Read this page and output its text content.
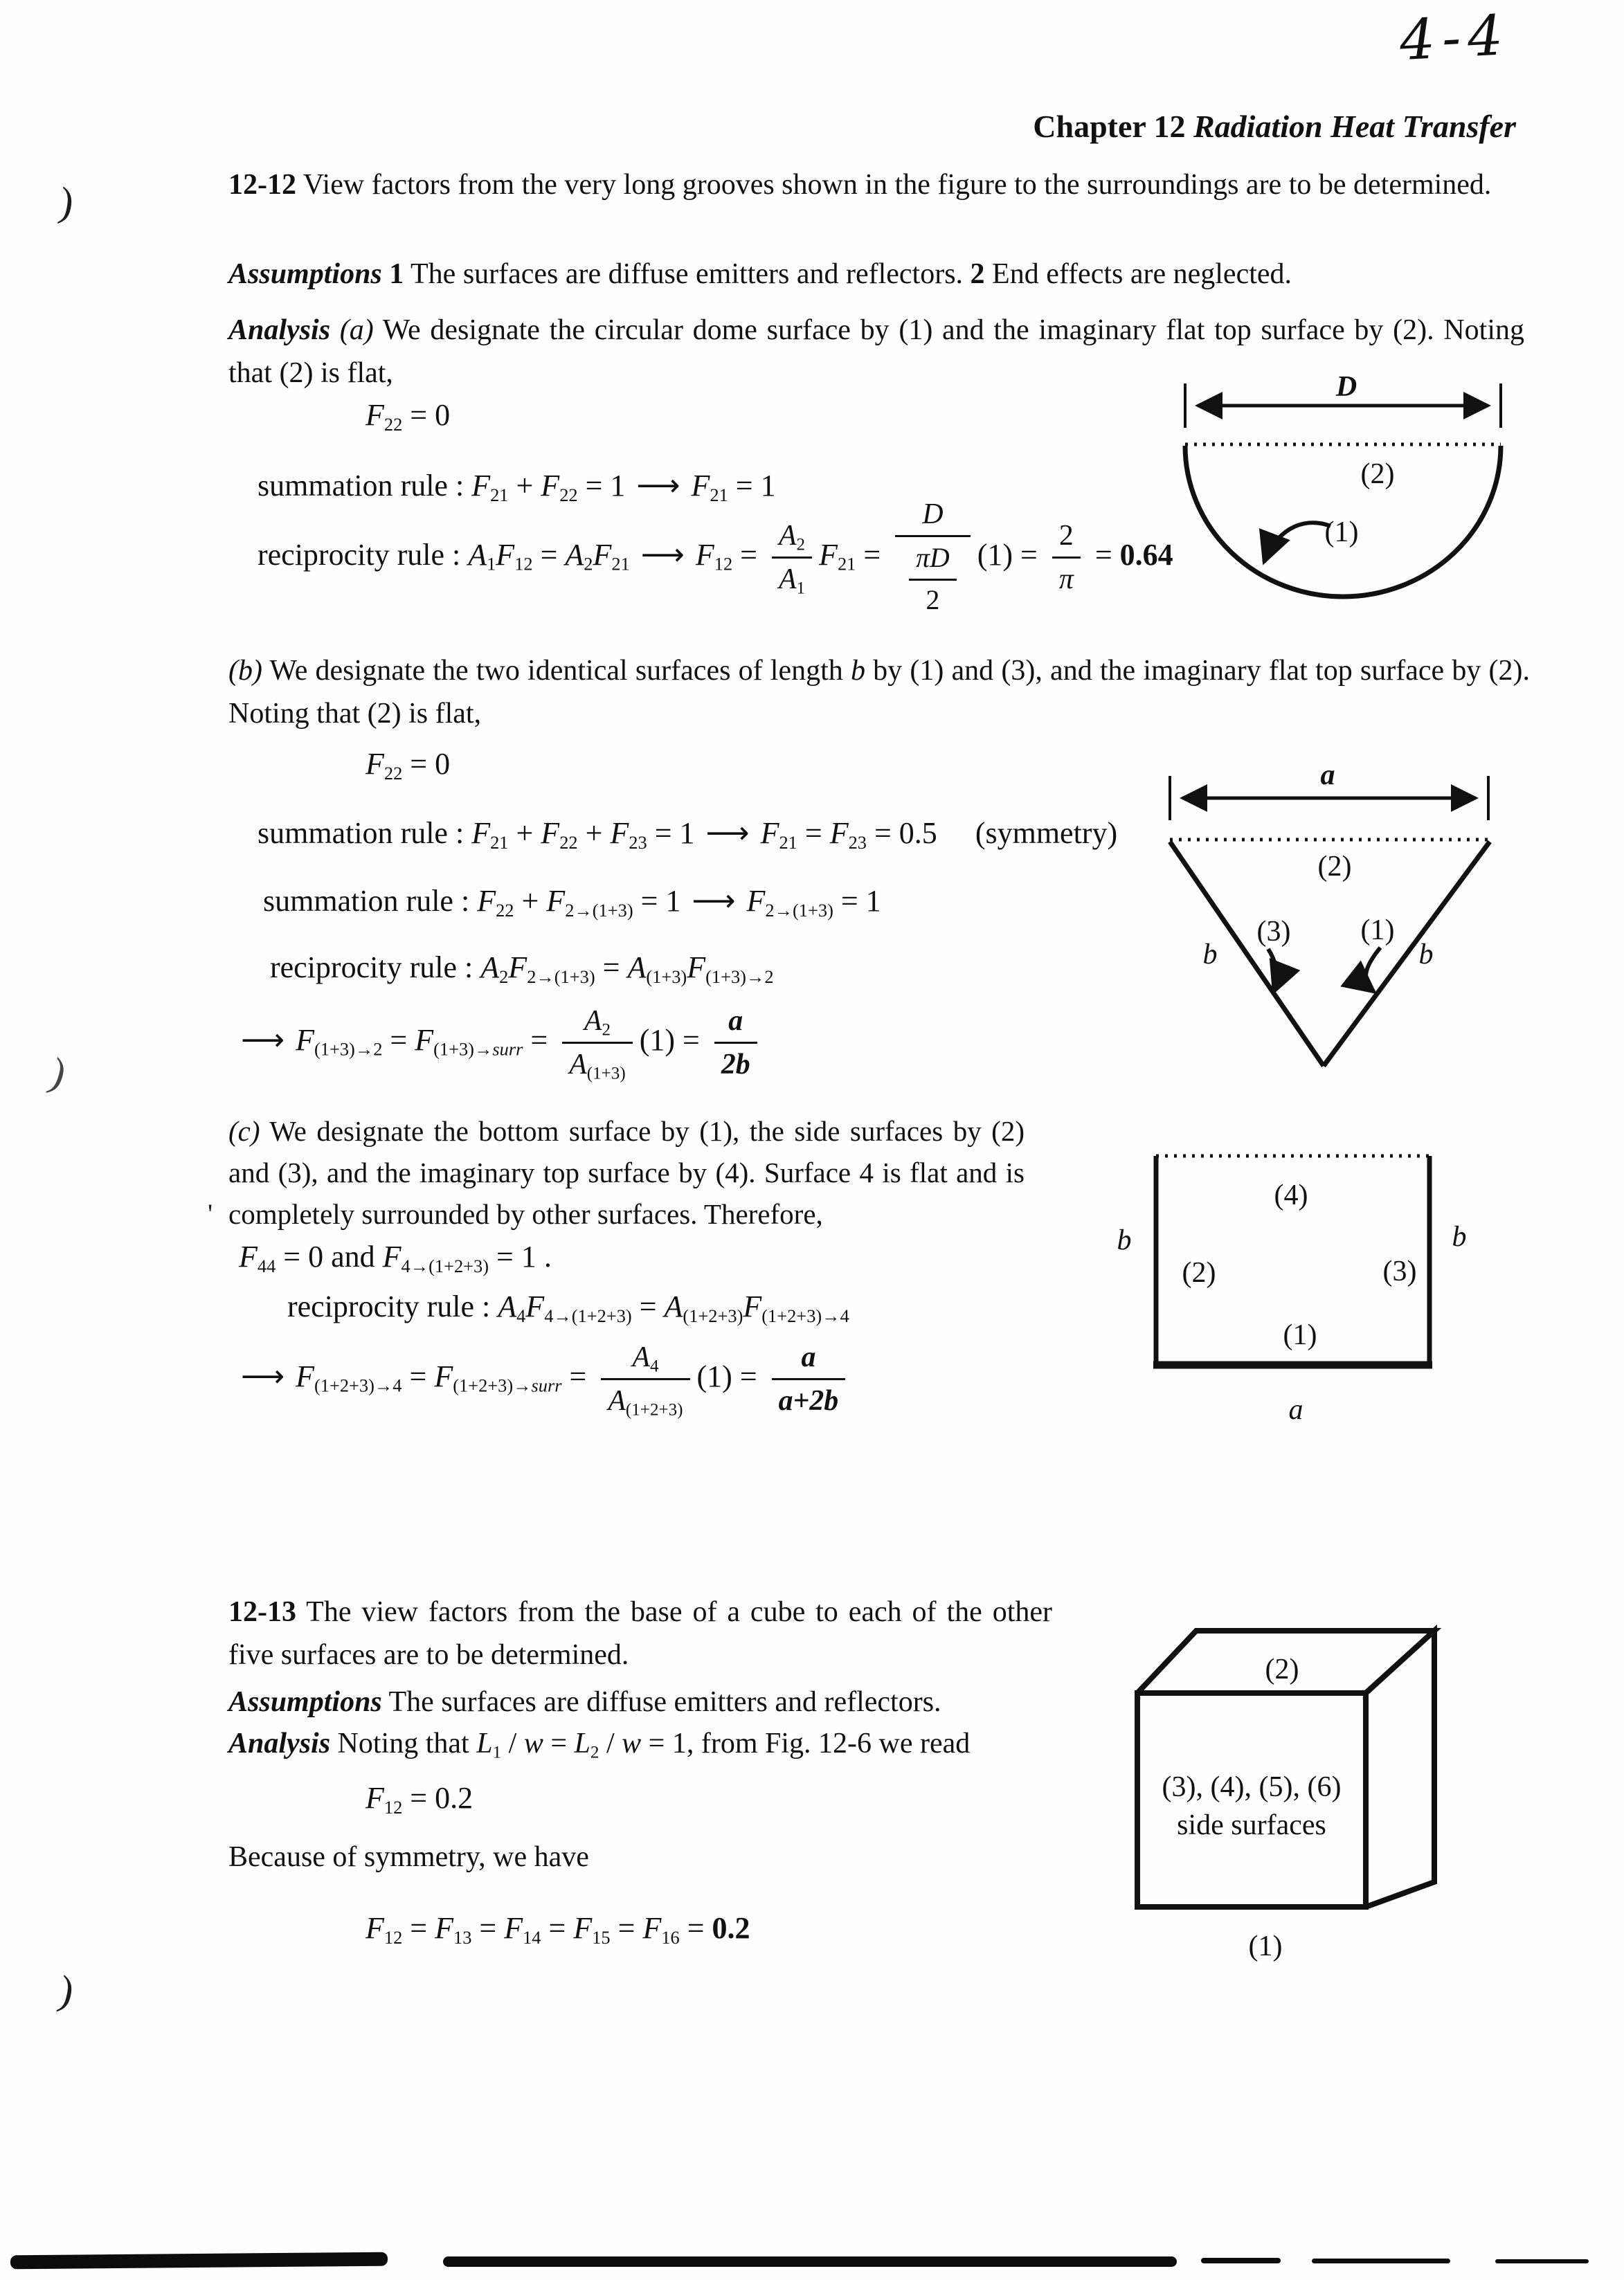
4-4
)
)
)
'
Chapter 12 Radiation Heat Transfer
12-12 View factors from the very long grooves shown in the figure to the surroundings are to be determined.
Assumptions 1 The surfaces are diffuse emitters and reflectors. 2 End effects are neglected.
Analysis (a) We designate the circular dome surface by (1) and the imaginary flat top surface by (2). Noting that (2) is flat,
$F_{22} = 0$
summation rule : $F_{21} + F_{22} = 1$ ⟶ $F_{21} = 1$
reciprocity rule : $A_1F_{12} = A_2F_{21}$ ⟶ $F_{12} = \frac{A_2}{A_1} F_{21} = \frac{D}{\frac{\pi D}{2}} (1) = \frac{2}{\pi} = 0.64$
D
(2)
(1)
(b) We designate the two identical surfaces of length b by (1) and (3), and the imaginary flat top surface by (2). Noting that (2) is flat,
$F_{22} = 0$
summation rule : $F_{21} + F_{22} + F_{23} = 1$ ⟶ $F_{21} = F_{23} = 0.5$ (symmetry)
summation rule : $F_{22} + F_{2\to(1+3)} = 1$ ⟶ $F_{2\to(1+3)} = 1$
reciprocity rule : $A_2F_{2\to(1+3)} = A_{(1+3)}F_{(1+3)\to 2}$
⟶ $F_{(1+3)\to 2} = F_{(1+3)\to surr} = \frac{A_2}{A_{(1+3)}} (1) = \frac{a}{2b}$
a
(2)
(3) (1)
b	b
(c) We designate the bottom surface by (1), the side surfaces by (2) and (3), and the imaginary top surface by (4). Surface 4 is flat and is completely surrounded by other surfaces. Therefore,
$F_{44} = 0$ and $F_{4\to(1+2+3)} = 1$ .
reciprocity rule : $A_4F_{4\to(1+2+3)} = A_{(1+2+3)}F_{(1+2+3)\to 4}$
⟶ $F_{(1+2+3)\to 4} = F_{(1+2+3)\to surr} = \frac{A_4}{A_{(1+2+3)}} (1) = \frac{a}{a+2b}$
(4)
b	b
(2)	(3)
(1)
a
12-13 The view factors from the base of a cube to each of the other five surfaces are to be determined.
Assumptions The surfaces are diffuse emitters and reflectors.
Analysis Noting that $L_1 / w = L_2 / w = 1$, from Fig. 12-6 we read
$F_{12} = 0.2$
Because of symmetry, we have
$F_{12} = F_{13} = F_{14} = F_{15} = F_{16} = 0.2$
(2)
(3), (4), (5), (6)
side surfaces
(1)
